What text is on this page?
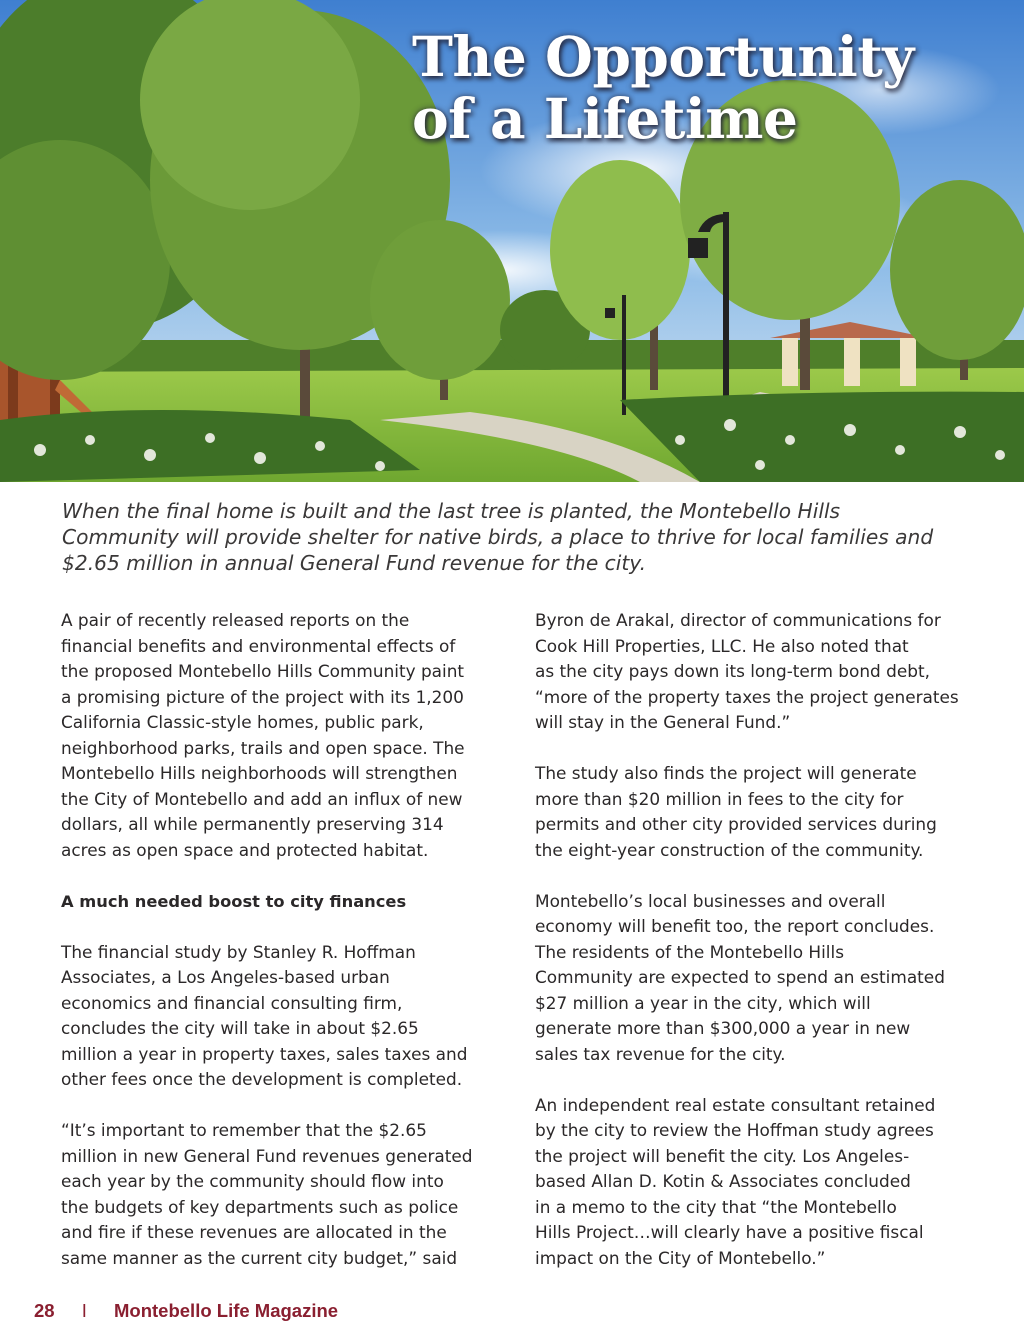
The Opportunity
of a Lifetime

When the final home is built and the last tree is planted, the Montebello Hills
Community will provide shelter for native birds, a place to thrive for local families and
$2.65 million in annual General Fund revenue for the city.

A pair of recently released reports on the
financial benefits and environmental effects of
the proposed Montebello Hills Community paint
a promising picture of the project with its 1,200
California Classic-style homes, public park,
neighborhood parks, trails and open space. The
Montebello Hills neighborhoods will strengthen
the City of Montebello and add an influx of new
dollars, all while permanently preserving 314
acres as open space and protected habitat.

A much needed boost to city finances

The financial study by Stanley R. Hoffman
Associates, a Los Angeles-based urban
economics and financial consulting firm,
concludes the city will take in about $2.65
million a year in property taxes, sales taxes and
other fees once the development is completed.

“It’s important to remember that the $2.65
million in new General Fund revenues generated
each year by the community should flow into
the budgets of key departments such as police
and fire if these revenues are allocated in the
same manner as the current city budget,” said

Byron de Arakal, director of communications for
Cook Hill Properties, LLC. He also noted that
as the city pays down its long-term bond debt,
“more of the property taxes the project generates
will stay in the General Fund.”

The study also finds the project will generate
more than $20 million in fees to the city for
permits and other city provided services during
the eight-year construction of the community.

Montebello’s local businesses and overall
economy will benefit too, the report concludes.
The residents of the Montebello Hills
Community are expected to spend an estimated
$27 million a year in the city, which will
generate more than $300,000 a year in new
sales tax revenue for the city.

An independent real estate consultant retained
by the city to review the Hoffman study agrees
the project will benefit the city. Los Angeles-
based Allan D. Kotin & Associates concluded
in a memo to the city that “the Montebello
Hills Project…will clearly have a positive fiscal
impact on the City of Montebello.”

28 I Montebello Life Magazine
